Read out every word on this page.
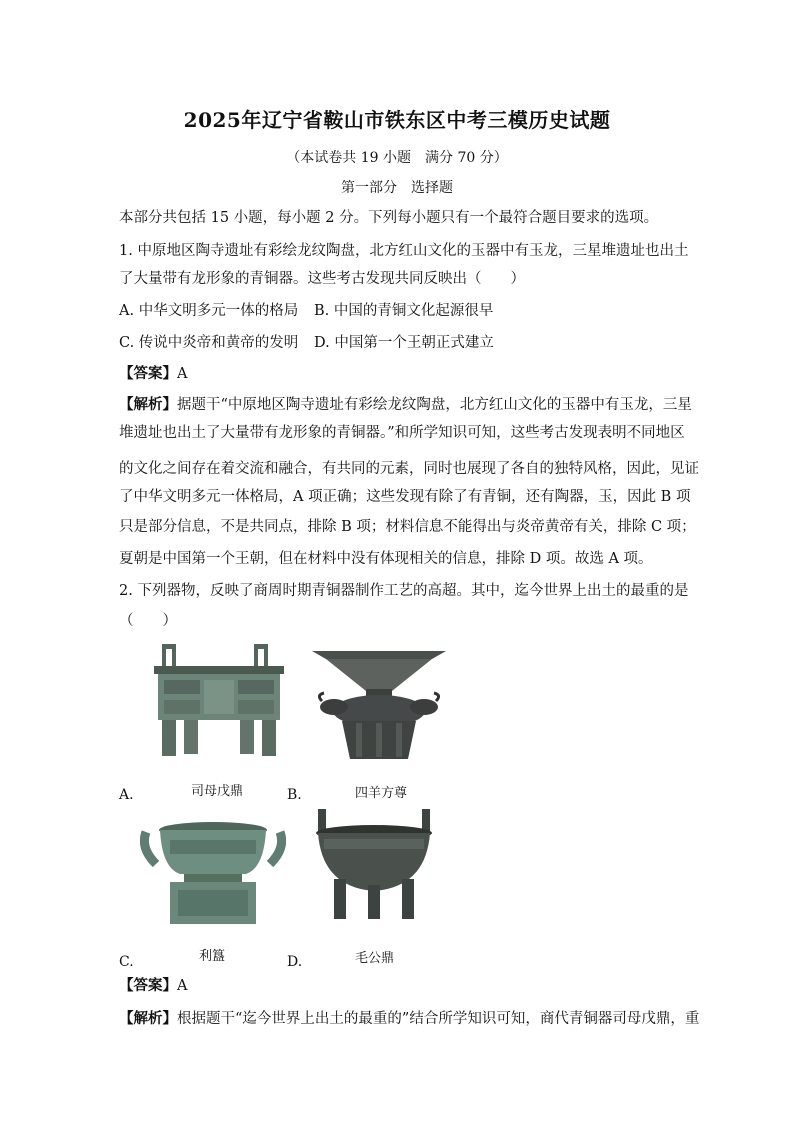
2025年辽宁省鞍山市铁东区中考三模历史试题
（本试卷共 19 小题　满分 70 分）
第一部分　选择题
本部分共包括 15 小题，每小题 2 分。下列每小题只有一个最符合题目要求的选项。
1. 中原地区陶寺遗址有彩绘龙纹陶盘，北方红山文化的玉器中有玉龙，三星堆遗址也出土
了大量带有龙形象的青铜器。这些考古发现共同反映出（　　）
A. 中华文明多元一体的格局 B. 中国的青铜文化起源很早
C. 传说中炎帝和黄帝的发明 D. 中国第一个王朝正式建立
【答案】A
【解析】据题干“中原地区陶寺遗址有彩绘龙纹陶盘，北方红山文化的玉器中有玉龙，三星
堆遗址也出土了大量带有龙形象的青铜器。”和所学知识可知，这些考古发现表明不同地区
的文化之间存在着交流和融合，有共同的元素，同时也展现了各自的独特风格，因此，见证
了中华文明多元一体格局，A 项正确；这些发现有除了有青铜，还有陶器，玉，因此 B 项
只是部分信息，不是共同点，排除 B 项；材料信息不能得出与炎帝黄帝有关，排除 C 项；
夏朝是中国第一个王朝，但在材料中没有体现相关的信息，排除 D 项。故选 A 项。
2. 下列器物，反映了商周时期青铜器制作工艺的高超。其中，迄今世界上出土的最重的是
（　　）
A.	司母戊鼎	B.	四羊方尊
C.	利簋	D.	毛公鼎
【答案】A
【解析】根据题干“迄今世界上出土的最重的”结合所学知识可知，商代青铜器司母戊鼎，重
